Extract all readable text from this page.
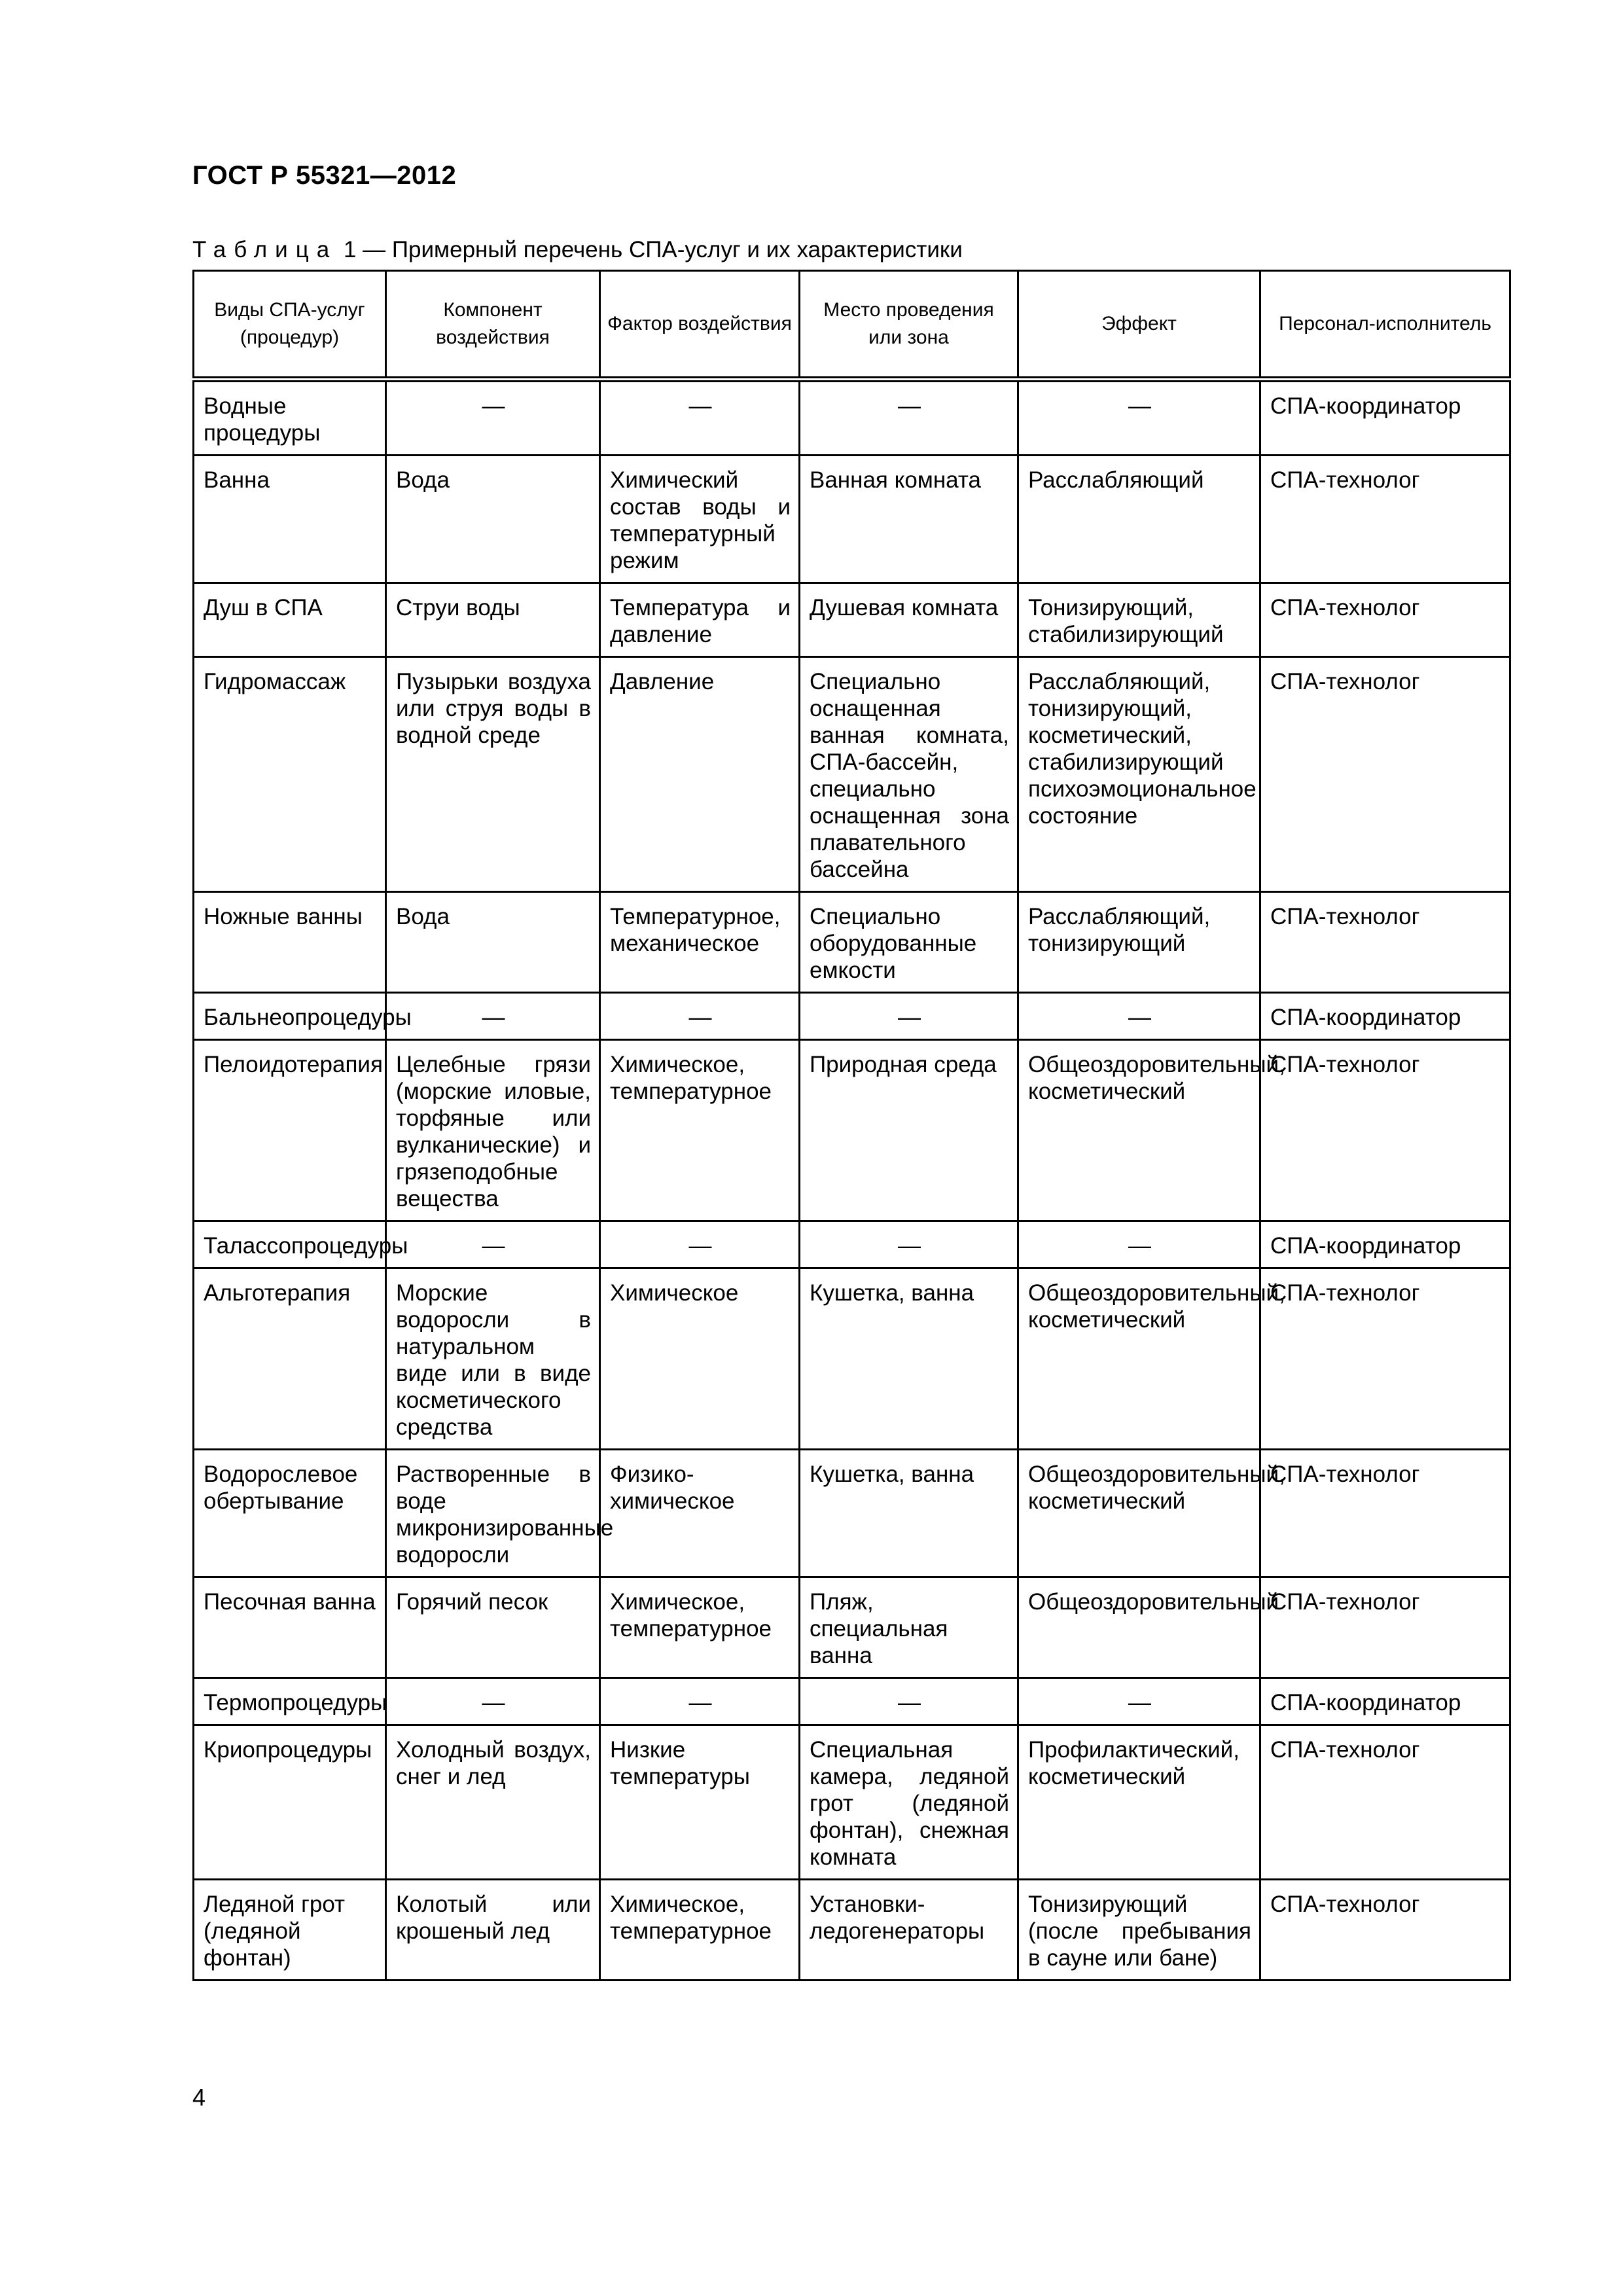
ГОСТ Р 55321—2012
Таблица 1 — Примерный перечень СПА-услуг и их характеристики
Виды СПА-услуг (процедур)	Компонент воздействия	Фактор воздействия	Место проведения или зона	Эффект	Персонал-исполнитель
Водные процедуры	—	—	—	—	СПА-координатор
Ванна	Вода	Химический состав воды и температурный режим	Ванная комната	Расслабляющий	СПА-технолог
Душ в СПА	Струи воды	Температура и давление	Душевая комната	Тонизирующий, стабилизирующий	СПА-технолог
Гидромассаж	Пузырьки воздуха или струя воды в водной среде	Давление	Специально оснащенная ванная комната, СПА-бассейн, специально оснащенная зона плавательного бассейна	Расслабляющий, тонизирующий, косметический, стабилизирующий психоэмоциональное состояние	СПА-технолог
Ножные ванны	Вода	Температурное, механическое	Специально оборудованные емкости	Расслабляющий, тонизирующий	СПА-технолог
Бальнеопроцедуры	—	—	—	—	СПА-координатор
Пелоидотерапия	Целебные грязи (морские иловые, торфяные или вулканические) и грязеподобные вещества	Химическое, температурное	Природная среда	Общеоздоровительный, косметический	СПА-технолог
Талассопроцедуры	—	—	—	—	СПА-координатор
Альготерапия	Морские водоросли в натуральном виде или в виде косметического средства	Химическое	Кушетка, ванна	Общеоздоровительный, косметический	СПА-технолог
Водорослевое обертывание	Растворенные в воде микронизированные водоросли	Физико-химическое	Кушетка, ванна	Общеоздоровительный, косметический	СПА-технолог
Песочная ванна	Горячий песок	Химическое, температурное	Пляж, специальная ванна	Общеоздоровительный	СПА-технолог
Термопроцедуры	—	—	—	—	СПА-координатор
Криопроцедуры	Холодный воздух, снег и лед	Низкие температуры	Специальная камера, ледяной грот (ледяной фонтан), снежная комната	Профилактический, косметический	СПА-технолог
Ледяной грот (ледяной фонтан)	Колотый или крошеный лед	Химическое, температурное	Установки-ледогенераторы	Тонизирующий (после пребывания в сауне или бане)	СПА-технолог
4
